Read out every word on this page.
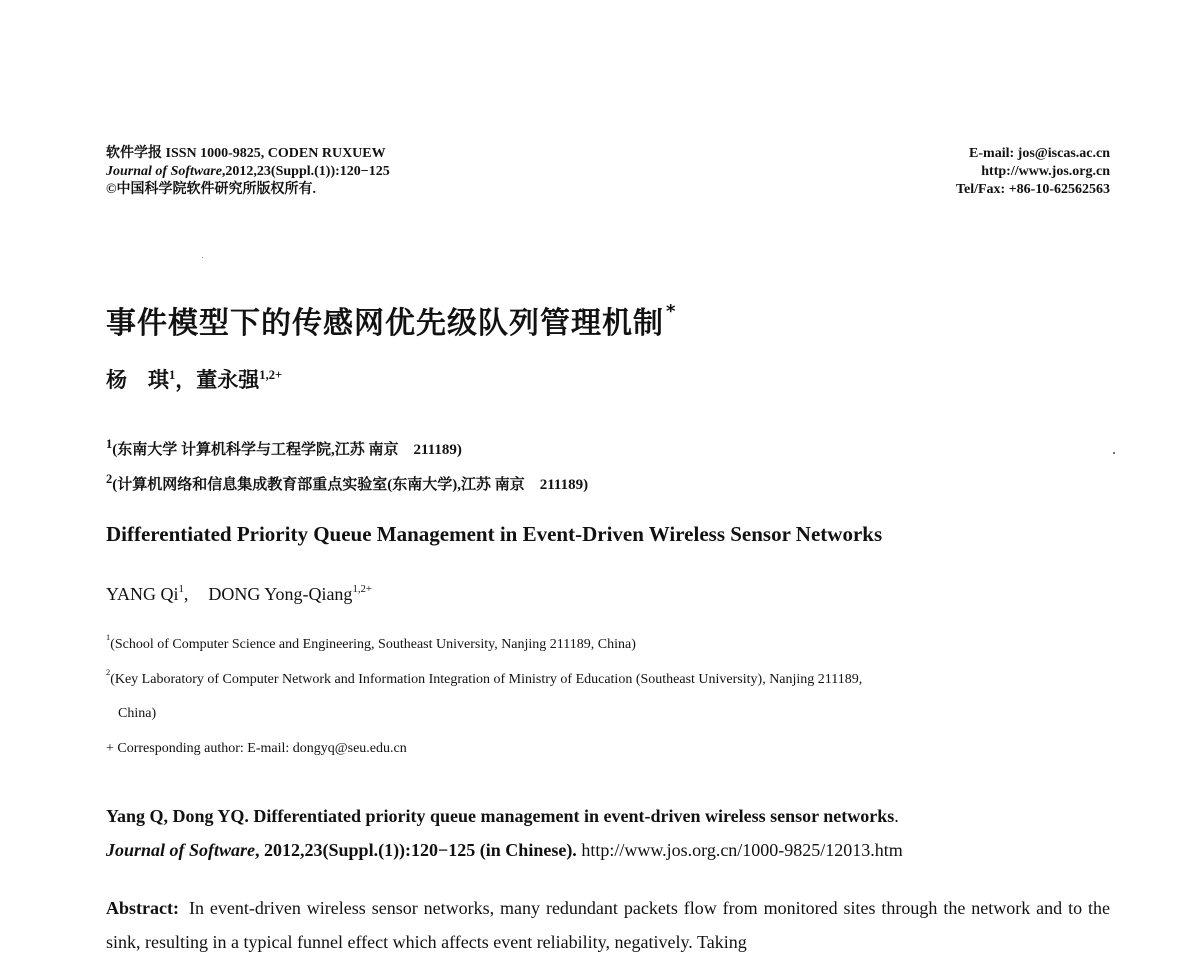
软件学报 ISSN 1000-9825, CODEN RUXUEW
Journal of Software,2012,23(Suppl.(1)):120−125
©中国科学院软件研究所版权所有.
E-mail: jos@iscas.ac.cn
http://www.jos.org.cn
Tel/Fax: +86-10-62562563
事件模型下的传感网优先级队列管理机制 *
杨　琪$^1$，董永强$^{1,2+}$
$^1$(东南大学 计算机科学与工程学院,江苏 南京　211189)
$^2$(计算机网络和信息集成教育部重点实验室(东南大学),江苏 南京　211189)
Differentiated Priority Queue Management in Event-Driven Wireless Sensor Networks
YANG Qi$^1$, DONG Yong-Qiang$^{1,2+}$
$^1$(School of Computer Science and Engineering, Southeast University, Nanjing 211189, China)
$^2$(Key Laboratory of Computer Network and Information Integration of Ministry of Education (Southeast University), Nanjing 211189,
China)
+ Corresponding author: E-mail: dongyq@seu.edu.cn
Yang Q, Dong YQ. Differentiated priority queue management in event-driven wireless sensor networks.
Journal of Software, 2012,23(Suppl.(1)):120−125 (in Chinese). http://www.jos.org.cn/1000-9825/12013.htm
Abstract: In event-driven wireless sensor networks, many redundant packets flow from monitored sites through the network and to the sink, resulting in a typical funnel effect which affects event reliability, negatively. Taking
